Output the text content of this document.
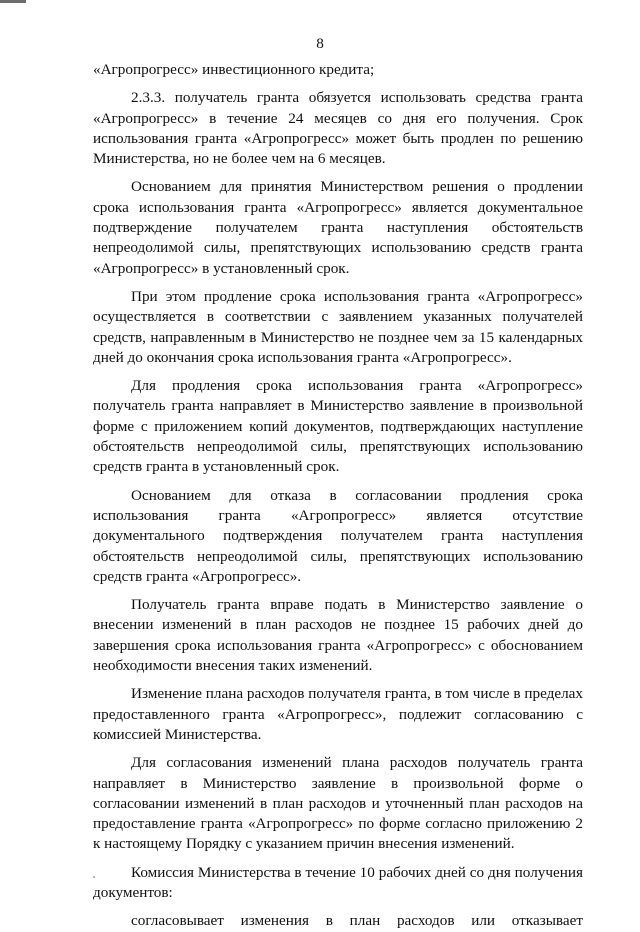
8

«Агропрогресс» инвестиционного кредита;

2.3.3. получатель гранта обязуется использовать средства гранта «Агропрогресс» в течение 24 месяцев со дня его получения. Срок использования гранта «Агропрогресс» может быть продлен по решению Министерства, но не более чем на 6 месяцев.

Основанием для принятия Министерством решения о продлении срока использования гранта «Агропрогресс» является документальное подтверждение получателем гранта наступления обстоятельств непреодолимой силы, препятствующих использованию средств гранта «Агропрогресс» в установленный срок.

При этом продление срока использования гранта «Агропрогресс» осуществляется в соответствии с заявлением указанных получателей средств, направленным в Министерство не позднее чем за 15 календарных дней до окончания срока использования гранта «Агропрогресс».

Для продления срока использования гранта «Агропрогресс» получатель гранта направляет в Министерство заявление в произвольной форме с приложением копий документов, подтверждающих наступление обстоятельств непреодолимой силы, препятствующих использованию средств гранта в установленный срок.

Основанием для отказа в согласовании продления срока использования гранта «Агропрогресс» является отсутствие документального подтверждения получателем гранта наступления обстоятельств непреодолимой силы, препятствующих использованию средств гранта «Агропрогресс».

Получатель гранта вправе подать в Министерство заявление о внесении изменений в план расходов не позднее 15 рабочих дней до завершения срока использования гранта «Агропрогресс» с обоснованием необходимости внесения таких изменений.

Изменение плана расходов получателя гранта, в том числе в пределах предоставленного гранта «Агропрогресс», подлежит согласованию с комиссией Министерства.

Для согласования изменений плана расходов получатель гранта направляет в Министерство заявление в произвольной форме о согласовании изменений в план расходов и уточненный план расходов на предоставление гранта «Агропрогресс» по форме согласно приложению 2 к настоящему Порядку с указанием причин внесения изменений.

Комиссия Министерства в течение 10 рабочих дней со дня получения документов:

согласовывает изменения в план расходов или отказывает
